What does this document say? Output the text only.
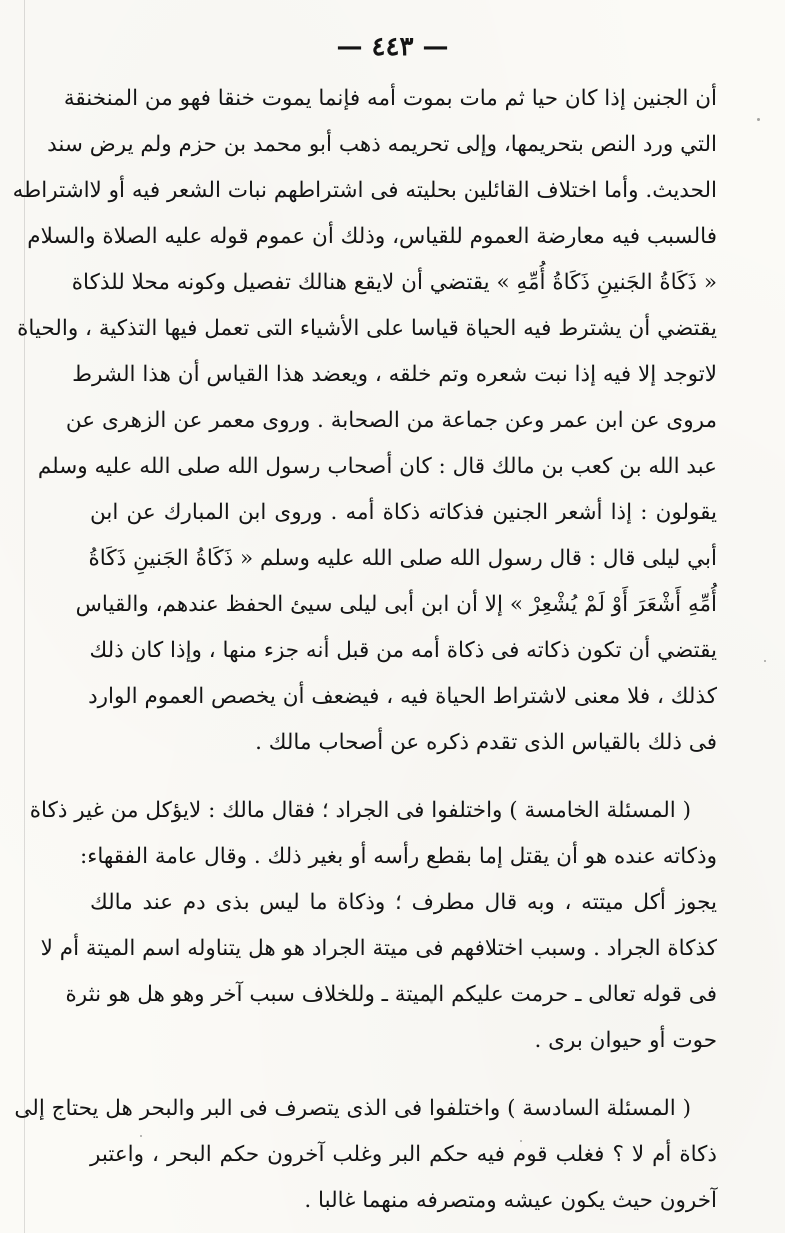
— ٤٤٣ —
أن الجنين إذا كان حيا ثم مات بموت أمه فإنما يموت خنقا فهو من المنخنقة
التي ورد النص بتحريمها، وإلى تحريمه ذهب أبو محمد بن حزم ولم يرض سند
الحديث. وأما اختلاف القائلين بحليته فى اشتراطهم نبات الشعر فيه أو لااشتراطه
فالسبب فيه معارضة العموم للقياس، وذلك أن عموم قوله عليه الصلاة والسلام
« ذَكَاةُ الجَنينِ ذَكَاةُ أُمِّهِ » يقتضي أن لايقع هنالك تفصيل وكونه محلا للذكاة
يقتضي أن يشترط فيه الحياة قياسا على الأشياء التى تعمل فيها التذكية ، والحياة
لاتوجد إلا فيه إذا نبت شعره وتم خلقه ، ويعضد هذا القياس أن هذا الشرط
مروى عن ابن عمر وعن جماعة من الصحابة . وروى معمر عن الزهرى عن
عبد الله بن كعب بن مالك قال : كان أصحاب رسول الله صلى الله عليه وسلم
يقولون : إذا أشعر الجنين فذكاته ذكاة أمه . وروى ابن المبارك عن ابن
أبي ليلى قال : قال رسول الله صلى الله عليه وسلم « ذَكَاةُ الجَنينِ ذَكَاةُ
أُمِّهِ أَشْعَرَ أَوْ لَمْ يُشْعِرْ » إلا أن ابن أبى ليلى سيئ الحفظ عندهم، والقياس
يقتضي أن تكون ذكاته فى ذكاة أمه من قبل أنه جزء منها ، وإذا كان ذلك
كذلك ، فلا معنى لاشتراط الحياة فيه ، فيضعف أن يخصص العموم الوارد
فى ذلك بالقياس الذى تقدم ذكره عن أصحاب مالك .
( المسئلة الخامسة ) واختلفوا فى الجراد ؛ فقال مالك : لايؤكل من غير ذكاة
وذكاته عنده هو أن يقتل إما بقطع رأسه أو بغير ذلك . وقال عامة الفقهاء:
يجوز أكل ميتته ، وبه قال مطرف ؛ وذكاة ما ليس بذى دم عند مالك
كذكاة الجراد . وسبب اختلافهم فى ميتة الجراد هو هل يتناوله اسم الميتة أم لا
فى قوله تعالى ـ حرمت عليكم الميتة ـ وللخلاف سبب آخر وهو هل هو نثرة
حوت أو حيوان برى .
( المسئلة السادسة ) واختلفوا فى الذى يتصرف فى البر والبحر هل يحتاج إلى
ذكاة أم لا ؟ فغلب قوم فيه حكم البر وغلب آخرون حكم البحر ، واعتبر
آخرون حيث يكون عيشه ومتصرفه منهما غالبا .
